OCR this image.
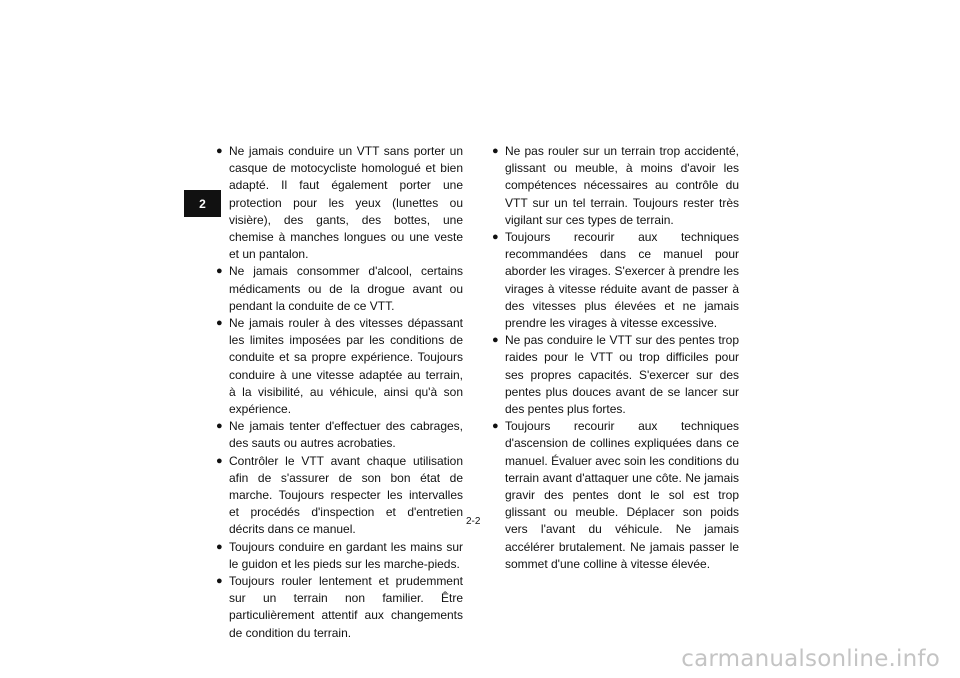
2
● Ne jamais conduire un VTT sans porter un casque de motocycliste homologué et bien adapté. Il faut également porter une protection pour les yeux (lunettes ou visière), des gants, des bottes, une chemise à manches longues ou une veste et un pantalon.
● Ne jamais consommer d'alcool, certains médicaments ou de la drogue avant ou pendant la conduite de ce VTT.
● Ne jamais rouler à des vitesses dépassant les limites imposées par les conditions de conduite et sa propre expérience. Toujours conduire à une vitesse adaptée au terrain, à la visibilité, au véhicule, ainsi qu'à son expérience.
● Ne jamais tenter d'effectuer des cabrages, des sauts ou autres acrobaties.
● Contrôler le VTT avant chaque utilisation afin de s'assurer de son bon état de marche. Toujours respecter les intervalles et procédés d'inspection et d'entretien décrits dans ce manuel.
● Toujours conduire en gardant les mains sur le guidon et les pieds sur les marche-pieds.
● Toujours rouler lentement et prudemment sur un terrain non familier. Être particulièrement attentif aux changements de condition du terrain.
● Ne pas rouler sur un terrain trop accidenté, glissant ou meuble, à moins d'avoir les compétences nécessaires au contrôle du VTT sur un tel terrain. Toujours rester très vigilant sur ces types de terrain.
● Toujours recourir aux techniques recommandées dans ce manuel pour aborder les virages. S'exercer à prendre les virages à vitesse réduite avant de passer à des vitesses plus élevées et ne jamais prendre les virages à vitesse excessive.
● Ne pas conduire le VTT sur des pentes trop raides pour le VTT ou trop difficiles pour ses propres capacités. S'exercer sur des pentes plus douces avant de se lancer sur des pentes plus fortes.
● Toujours recourir aux techniques d'ascension de collines expliquées dans ce manuel. Évaluer avec soin les conditions du terrain avant d'attaquer une côte. Ne jamais gravir des pentes dont le sol est trop glissant ou meuble. Déplacer son poids vers l'avant du véhicule. Ne jamais accélérer brutalement. Ne jamais passer le sommet d'une colline à vitesse élevée.
2-2
carmanualsonline.info
